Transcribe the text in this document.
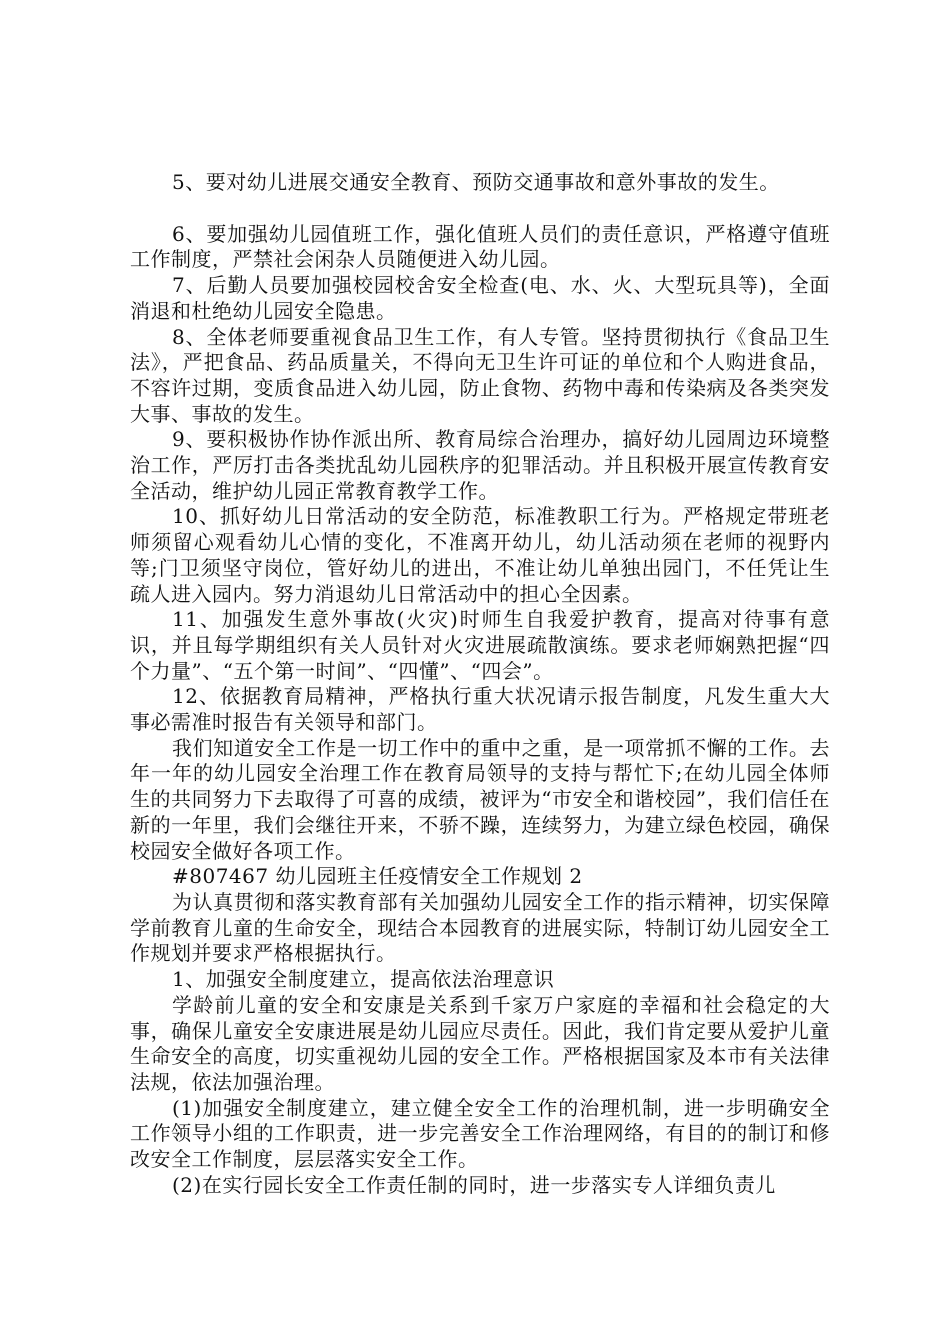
5、要对幼儿进展交通安全教育、预防交通事故和意外事故的发生。

6、要加强幼儿园值班工作，强化值班人员们的责任意识，严格遵守值班工作制度，严禁社会闲杂人员随便进入幼儿园。

7、后勤人员要加强校园校舍安全检查(电、水、火、大型玩具等)，全面消退和杜绝幼儿园安全隐患。

8、全体老师要重视食品卫生工作，有人专管。坚持贯彻执行《食品卫生法》，严把食品、药品质量关，不得向无卫生许可证的单位和个人购进食品，不容许过期，变质食品进入幼儿园，防止食物、药物中毒和传染病及各类突发大事、事故的发生。

9、要积极协作协作派出所、教育局综合治理办，搞好幼儿园周边环境整治工作，严厉打击各类扰乱幼儿园秩序的犯罪活动。并且积极开展宣传教育安全活动，维护幼儿园正常教育教学工作。

10、抓好幼儿日常活动的安全防范，标准教职工行为。严格规定带班老师须留心观看幼儿心情的变化，不准离开幼儿，幼儿活动须在老师的视野内等;门卫须坚守岗位，管好幼儿的进出，不准让幼儿单独出园门，不任凭让生疏人进入园内。努力消退幼儿日常活动中的担心全因素。

11、加强发生意外事故(火灾)时师生自我爱护教育，提高对待事有意识，并且每学期组织有关人员针对火灾进展疏散演练。要求老师娴熟把握“四个力量”、“五个第一时间”、“四懂”、“四会”。

12、依据教育局精神，严格执行重大状况请示报告制度，凡发生重大大事必需准时报告有关领导和部门。

我们知道安全工作是一切工作中的重中之重，是一项常抓不懈的工作。去年一年的幼儿园安全治理工作在教育局领导的支持与帮忙下;在幼儿园全体师生的共同努力下去取得了可喜的成绩，被评为“市安全和谐校园”，我们信任在新的一年里，我们会继往开来，不骄不躁，连续努力，为建立绿色校园，确保校园安全做好各项工作。

#807467 幼儿园班主任疫情安全工作规划 2

为认真贯彻和落实教育部有关加强幼儿园安全工作的指示精神，切实保障学前教育儿童的生命安全，现结合本园教育的进展实际，特制订幼儿园安全工作规划并要求严格根据执行。

1、加强安全制度建立，提高依法治理意识

学龄前儿童的安全和安康是关系到千家万户家庭的幸福和社会稳定的大事，确保儿童安全安康进展是幼儿园应尽责任。因此，我们肯定要从爱护儿童生命安全的高度，切实重视幼儿园的安全工作。严格根据国家及本市有关法律法规，依法加强治理。

(1)加强安全制度建立，建立健全安全工作的治理机制，进一步明确安全工作领导小组的工作职责，进一步完善安全工作治理网络，有目的的制订和修改安全工作制度，层层落实安全工作。

(2)在实行园长安全工作责任制的同时，进一步落实专人详细负责儿
